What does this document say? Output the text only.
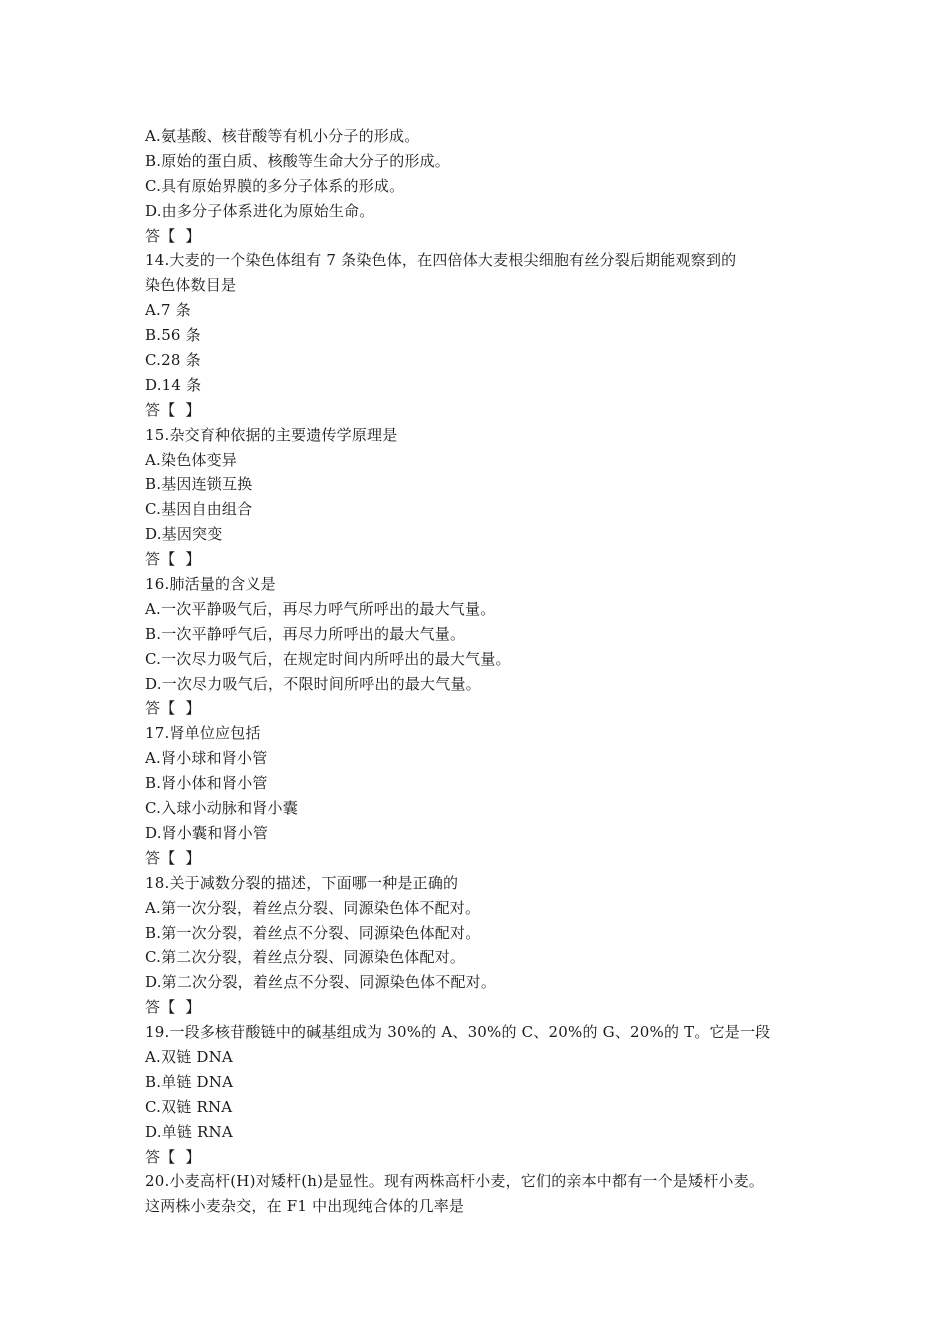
A.氨基酸、核苷酸等有机小分子的形成。
B.原始的蛋白质、核酸等生命大分子的形成。
C.具有原始界膜的多分子体系的形成。
D.由多分子体系进化为原始生命。
答【  】
14.大麦的一个染色体组有 7 条染色体，在四倍体大麦根尖细胞有丝分裂后期能观察到的
染色体数目是
A.7 条
B.56 条
C.28 条
D.14 条
答【  】
15.杂交育种依据的主要遗传学原理是
A.染色体变异
B.基因连锁互换
C.基因自由组合
D.基因突变
答【  】
16.肺活量的含义是
A.一次平静吸气后，再尽力呼气所呼出的最大气量。
B.一次平静呼气后，再尽力所呼出的最大气量。
C.一次尽力吸气后，在规定时间内所呼出的最大气量。
D.一次尽力吸气后，不限时间所呼出的最大气量。
答【  】
17.肾单位应包括
A.肾小球和肾小管
B.肾小体和肾小管
C.入球小动脉和肾小囊
D.肾小囊和肾小管
答【  】
18.关于减数分裂的描述，下面哪一种是正确的
A.第一次分裂，着丝点分裂、同源染色体不配对。
B.第一次分裂，着丝点不分裂、同源染色体配对。
C.第二次分裂，着丝点分裂、同源染色体配对。
D.第二次分裂，着丝点不分裂、同源染色体不配对。
答【  】
19.一段多核苷酸链中的碱基组成为 30%的 A、30%的 C、20%的 G、20%的 T。它是一段
A.双链 DNA
B.单链 DNA
C.双链 RNA
D.单链 RNA
答【  】
20.小麦高杆(H)对矮杆(h)是显性。现有两株高杆小麦，它们的亲本中都有一个是矮杆小麦。
这两株小麦杂交，在 F1 中出现纯合体的几率是
